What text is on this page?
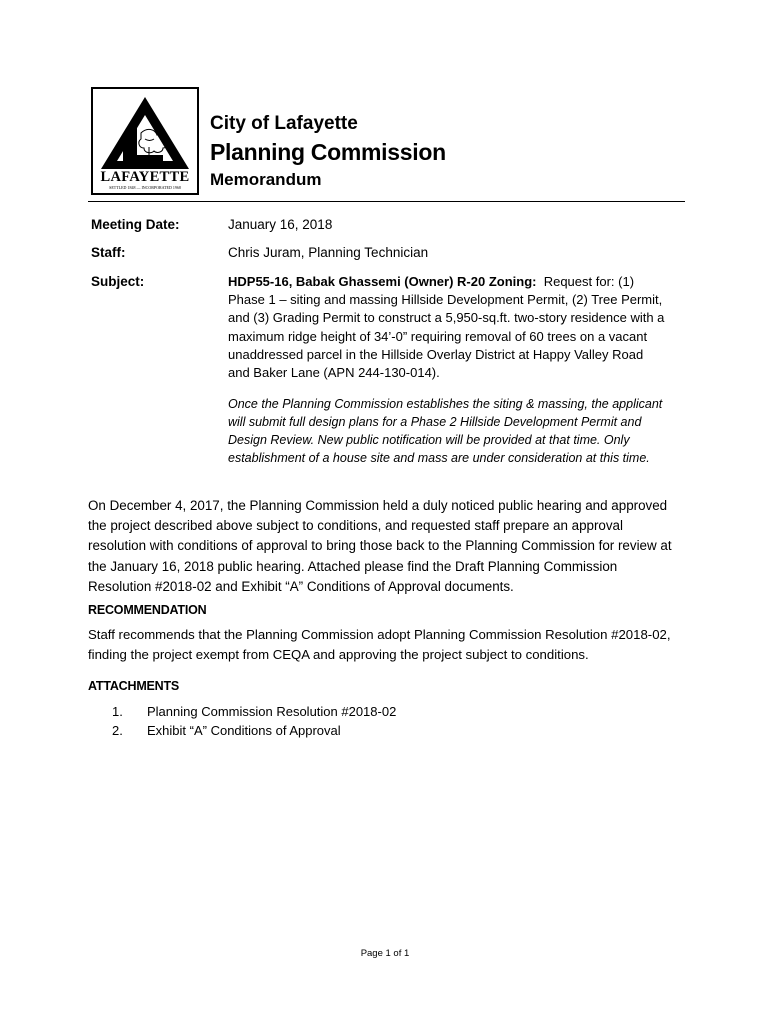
LAFAYETTE
SETTLED 1848 — INCORPORATED 1968
City of Lafayette
Planning Commission
Memorandum
Meeting Date:	January 16, 2018
Staff:	Chris Juram, Planning Technician
Subject:	HDP55-16, Babak Ghassemi (Owner) R-20 Zoning: Request for: (1) Phase 1 – siting and massing Hillside Development Permit, (2) Tree Permit, and (3) Grading Permit to construct a 5,950-sq.ft. two-story residence with a maximum ridge height of 34’-0” requiring removal of 60 trees on a vacant unaddressed parcel in the Hillside Overlay District at Happy Valley Road and Baker Lane (APN 244-130-014).
Once the Planning Commission establishes the siting & massing, the applicant will submit full design plans for a Phase 2 Hillside Development Permit and Design Review. New public notification will be provided at that time. Only establishment of a house site and mass are under consideration at this time.
On December 4, 2017, the Planning Commission held a duly noticed public hearing and approved the project described above subject to conditions, and requested staff prepare an approval resolution with conditions of approval to bring those back to the Planning Commission for review at the January 16, 2018 public hearing. Attached please find the Draft Planning Commission Resolution #2018-02 and Exhibit “A” Conditions of Approval documents.
RECOMMENDATION
Staff recommends that the Planning Commission adopt Planning Commission Resolution #2018-02, finding the project exempt from CEQA and approving the project subject to conditions.
ATTACHMENTS
1. Planning Commission Resolution #2018-02
2. Exhibit “A” Conditions of Approval
Page 1 of 1
